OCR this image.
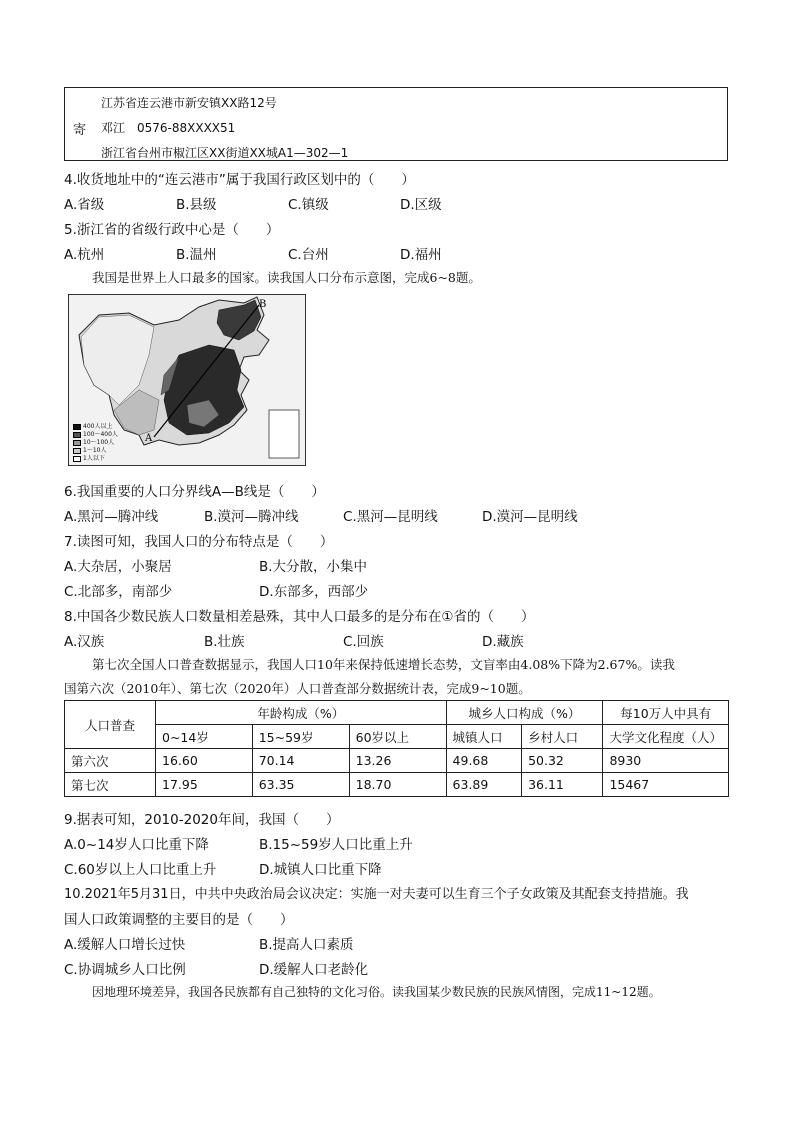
江苏省连云港市新安镇XX路12号
寄 邓江　0576-88XXXX51
浙江省台州市椒江区XX街道XX城A1—302—1
4.收货地址中的“连云港市”属于我国行政区划中的（　　）
A.省级	B.县级	C.镇级	D.区级
5.浙江省的省级行政中心是（　　）
A.杭州	B.温州	C.台州	D.福州
我国是世界上人口最多的国家。读我国人口分布示意图，完成6~8题。
A
B
400人以上
100～400人
10～100人
1～10人
1人以下
6.我国重要的人口分界线A—B线是（　　）
A.黑河—腾冲线	B.漠河—腾冲线	C.黑河—昆明线	D.漠河—昆明线
7.读图可知，我国人口的分布特点是（　　）
A.大杂居，小聚居	B.大分散，小集中
C.北部多，南部少	D.东部多，西部少
8.中国各少数民族人口数量相差悬殊，其中人口最多的是分布在①省的（　　）
A.汉族	B.壮族	C.回族	D.藏族
第七次全国人口普查数据显示，我国人口10年来保持低速增长态势，文盲率由4.08%下降为2.67%。读我
国第六次（2010年）、第七次（2020年）人口普查部分数据统计表，完成9~10题。
人口普查	年龄构成（%）			城乡人口构成（%）		每10万人中具有
	0~14岁	15~59岁	60岁以上	城镇人口	乡村人口	大学文化程度（人）
第六次	16.60	70.14	13.26	49.68	50.32	8930
第七次	17.95	63.35	18.70	63.89	36.11	15467
9.据表可知，2010-2020年间，我国（　　）
A.0~14岁人口比重下降	B.15~59岁人口比重上升
C.60岁以上人口比重上升	D.城镇人口比重下降
10.2021年5月31日，中共中央政治局会议决定：实施一对夫妻可以生育三个子女政策及其配套支持措施。我
国人口政策调整的主要目的是（　　）
A.缓解人口增长过快	B.提高人口素质
C.协调城乡人口比例	D.缓解人口老龄化
因地理环境差异，我国各民族都有自己独特的文化习俗。读我国某少数民族的民族风情图，完成11~12题。
